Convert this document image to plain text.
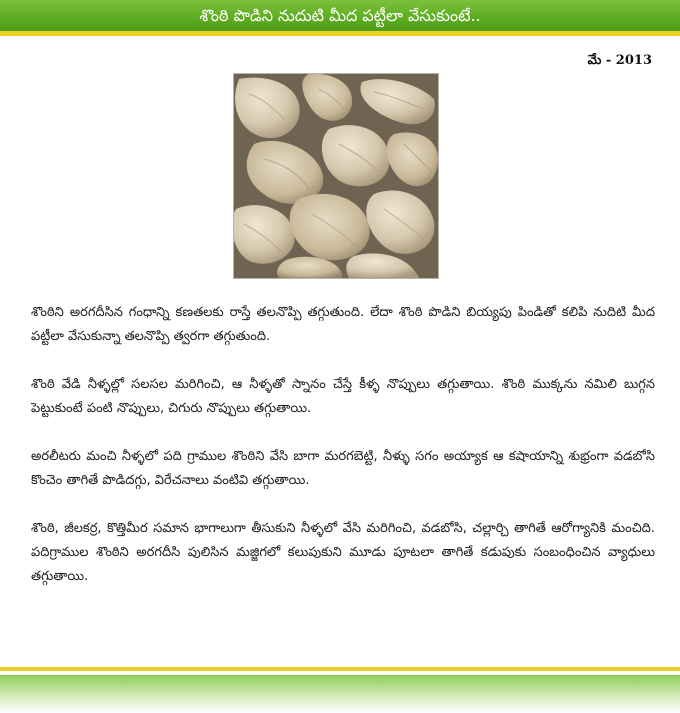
శొంఠి పొడిని నుదుటి మీద పట్టీలా వేసుకుంటే..
మే - 2013

శొంఠిని అరగదీసిన గంధాన్ని కణతలకు రాస్తే తలనొప్పి తగ్గుతుంది. లేదా శొంఠి పొడిని బియ్యపు పిండితో కలిపి నుదిటి మీద పట్టీలా వేసుకున్నా తలనొప్పి త్వరగా తగ్గుతుంది.

శొంఠి వేడి నీళ్ళల్లో సలసల మరిగించి, ఆ నీళ్ళతో స్నానం చేస్తే కీళ్ళ నొప్పులు తగ్గుతాయి. శొంఠి ముక్కను నమిలి బుగ్గన పెట్టుకుంటే పంటి నొప్పులు, చిగురు నొప్పులు తగ్గుతాయి.

అరలీటరు మంచి నీళ్ళలో పది గ్రాముల శొంఠిని వేసి బాగా మరగబెట్టి, నీళ్ళు సగం అయ్యాక ఆ కషాయాన్ని శుభ్రంగా వడబోసి కొంచెం తాగితే పొడిదగ్గు, విరేచనాలు వంటివి తగ్గుతాయి.

శొంఠి, జీలకర్ర, కొత్తిమీర సమాన భాగాలుగా తీసుకుని నీళ్ళలో వేసి మరిగించి, వడబోసి, చల్లార్చి తాగితే ఆరోగ్యానికి మంచిది. పదిగ్రాముల శొంఠిని అరగదీసి పులిసిన మజ్జిగలో కలుపుకుని మూడు పూటలా తాగితే కడుపుకు సంబంధించిన వ్యాధులు తగ్గుతాయి.
